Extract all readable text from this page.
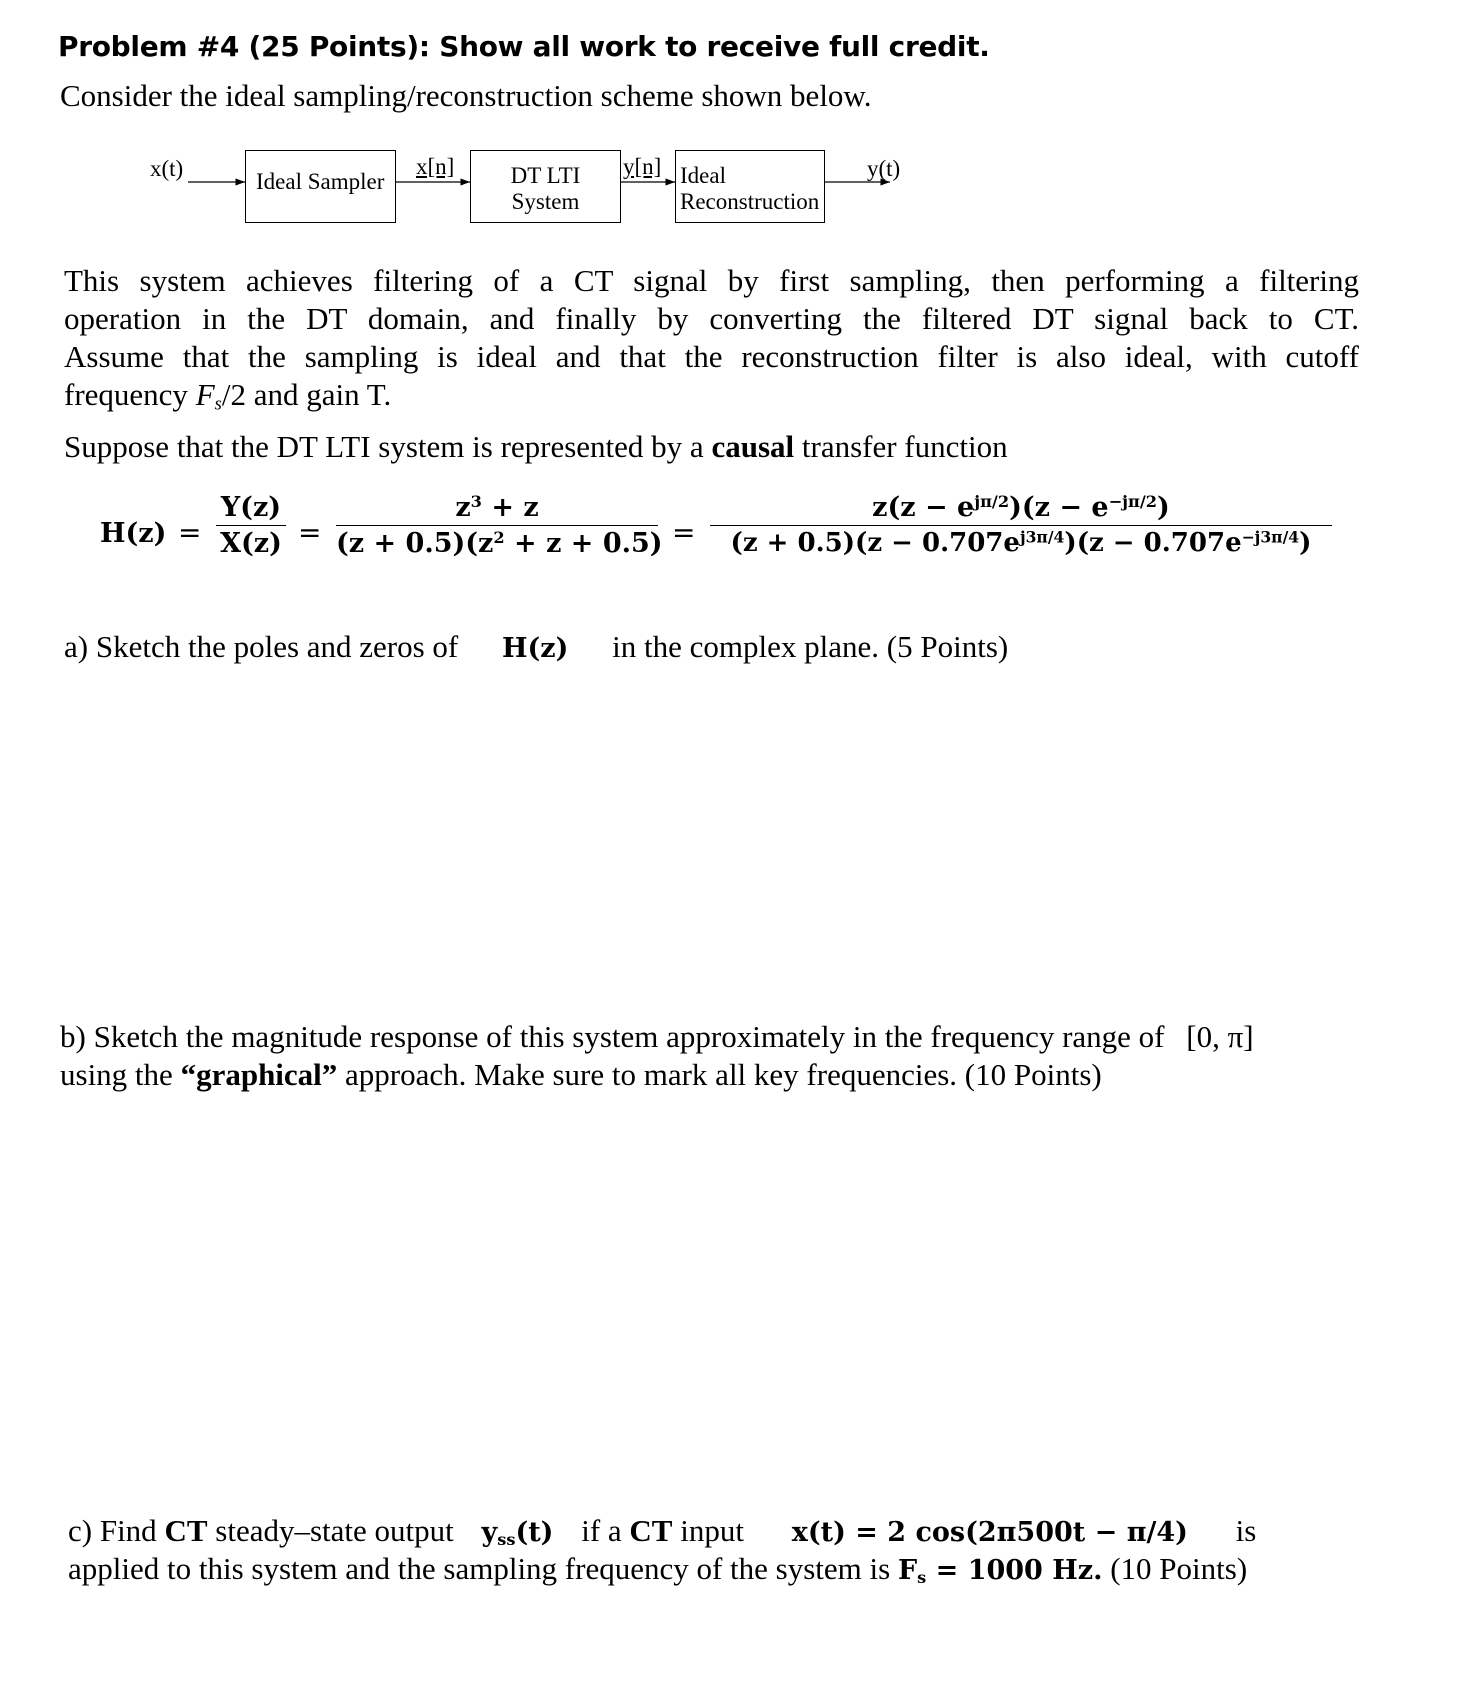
Problem #4 (25 Points): Show all work to receive full credit.
Consider the ideal sampling/reconstruction scheme shown below.
x(t)
Ideal Sampler
x[n]	DT LTI
System
y[n] Ideal
Reconstruction
y(t)
This system achieves filtering of a CT signal by first sampling, then performing a filtering
operation in the DT domain, and finally by converting the filtered DT signal back to CT.
Assume that the sampling is ideal and that the reconstruction filter is also ideal, with cutoff
frequency $F_s/2$ and gain T.
Suppose that the DT LTI system is represented by a causal transfer function
$H(z) = \frac{Y(z)}{X(z)} = \frac{z^3 + z}{(z + 0.5)(z^2 + z + 0.5)}$ =
$z(z - e^{j\pi/2})(z - e^{-j\pi/2})$
$(z + 0.5)(z - 0.707e^{j3\pi/4})(z - 0.707e^{-j3\pi/4})$
a) Sketch the poles and zeros of H(z) in the complex plane. (5 Points)
b) Sketch the magnitude response of this system approximately in the frequency range of [0, π]
using the “graphical” approach. Make sure to mark all key frequencies. (10 Points)
c) Find CT steady–state output $y_{ss}(t)$ if a CT input x(t) = 2 cos(2π500t − π/4) is
applied to this system and the sampling frequency of the system is $F_s = 1000$ Hz. (10 Points)
